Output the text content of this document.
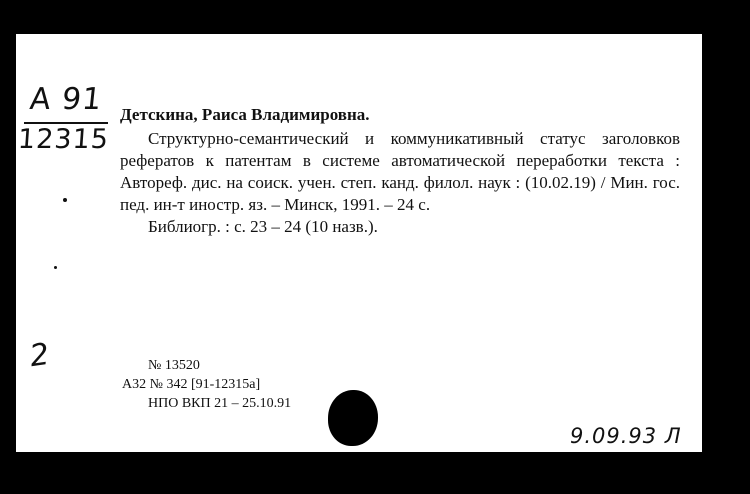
А 91
12315
Детскина, Раиса Владимировна.
Структурно-семантический и коммуникативный статус заголовков рефератов к патентам в системе автоматической переработки текста : Автореф. дис. на соиск. учен. степ. канд. филол. наук : (10.02.19) / Мин. гос. пед. ин-т иностр. яз. – Минск, 1991. – 24 с.
Библиогр. : с. 23 – 24 (10 назв.).
2	№ 13520
А32 № 342 [91-12315а]
НПО ВКП 21 – 25.10.91
9.09.93 Л
